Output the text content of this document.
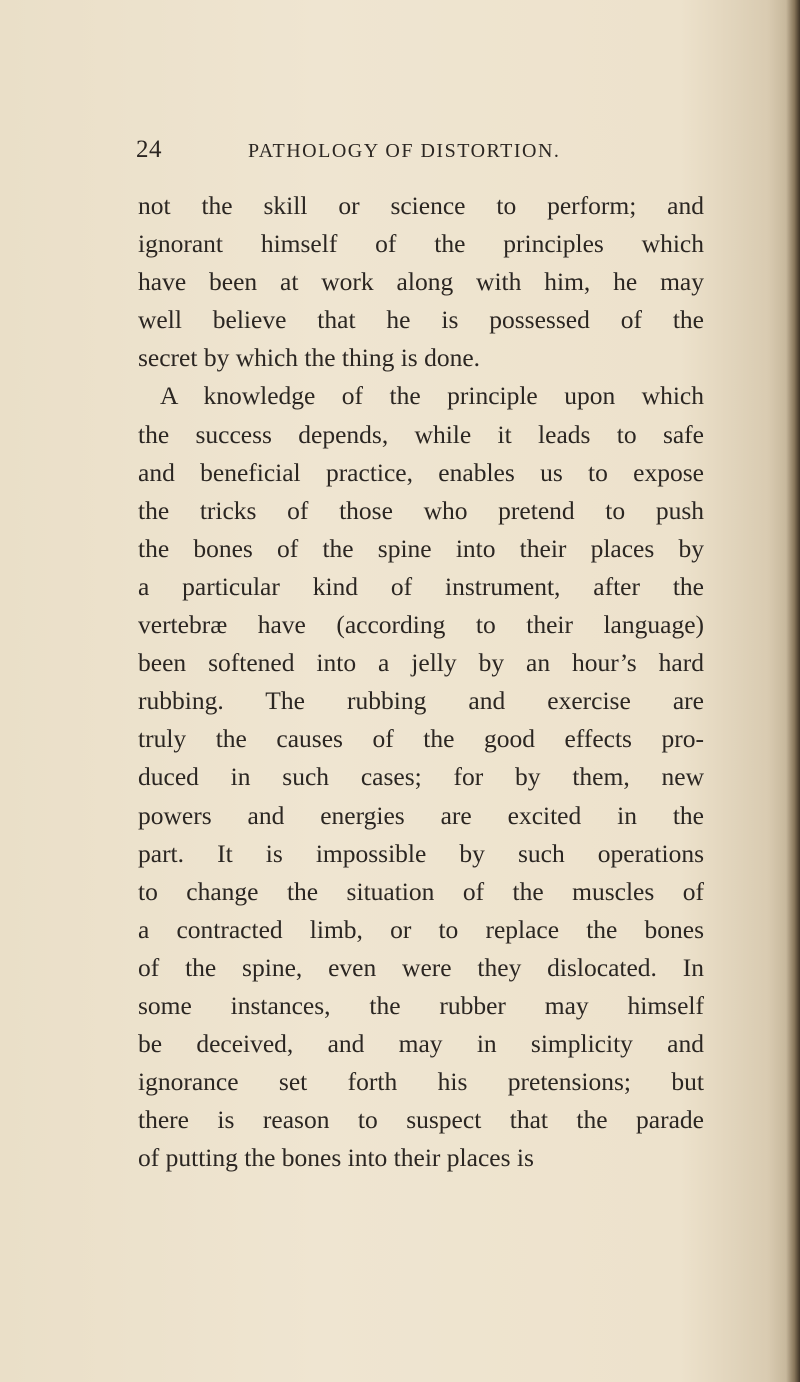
24	PATHOLOGY OF DISTORTION.
not the skill or science to perform; and
ignorant himself of the principles which
have been at work along with him, he may
well believe that he is possessed of the
secret by which the thing is done.
A knowledge of the principle upon which
the success depends, while it leads to safe
and beneficial practice, enables us to expose
the tricks of those who pretend to push
the bones of the spine into their places by
a particular kind of instrument, after the
vertebræ have (according to their language)
been softened into a jelly by an hour’s hard
rubbing. The rubbing and exercise are
truly the causes of the good effects pro-
duced in such cases; for by them, new
powers and energies are excited in the
part. It is impossible by such operations
to change the situation of the muscles of
a contracted limb, or to replace the bones
of the spine, even were they dislocated. In
some instances, the rubber may himself
be deceived, and may in simplicity and
ignorance set forth his pretensions; but
there is reason to suspect that the parade
of putting the bones into their places is
